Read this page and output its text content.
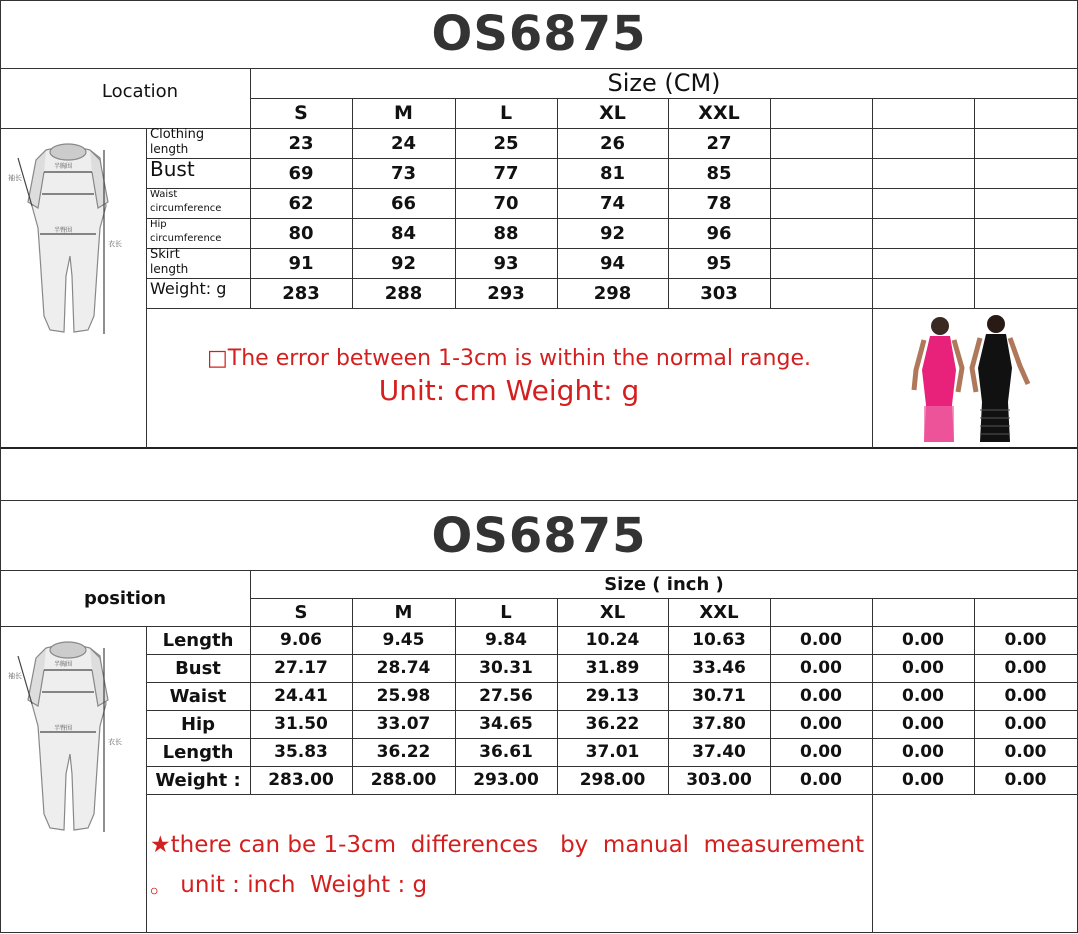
OS6875
Location	Size (CM)
S	M	L	XL	XXL
Clothing
length	23	24	25	26	27
Bust	69	73	77	81	85
Waist
circumference	62	66	70	74	78
Hip
circumference	80	84	88	92	96
Skirt
length	91	92	93	94	95
Weight: g	283	288	293	298	303
袖长
衣长
半胸围
半臀围
□The error between 1-3cm is within the normal range.
Unit: cm Weight: g
OS6875
position
Size ( inch )
S	M	L	XL	XXL
Length	9.06	9.45	9.84	10.24	10.63	0.00	0.00	0.00
Bust	27.17	28.74	30.31	31.89	33.46	0.00	0.00	0.00
Waist	24.41	25.98	27.56	29.13	30.71	0.00	0.00	0.00
Hip	31.50	33.07	34.65	36.22	37.80	0.00	0.00	0.00
Length	35.83	36.22	36.61	37.01	37.40	0.00	0.00	0.00
Weight :	283.00	288.00	293.00	298.00	303.00	0.00	0.00	0.00
袖长
衣长
半胸围
半臀围
★there can be 1-3cm  differences   by  manual  measurement
。 unit : inch  Weight : g
